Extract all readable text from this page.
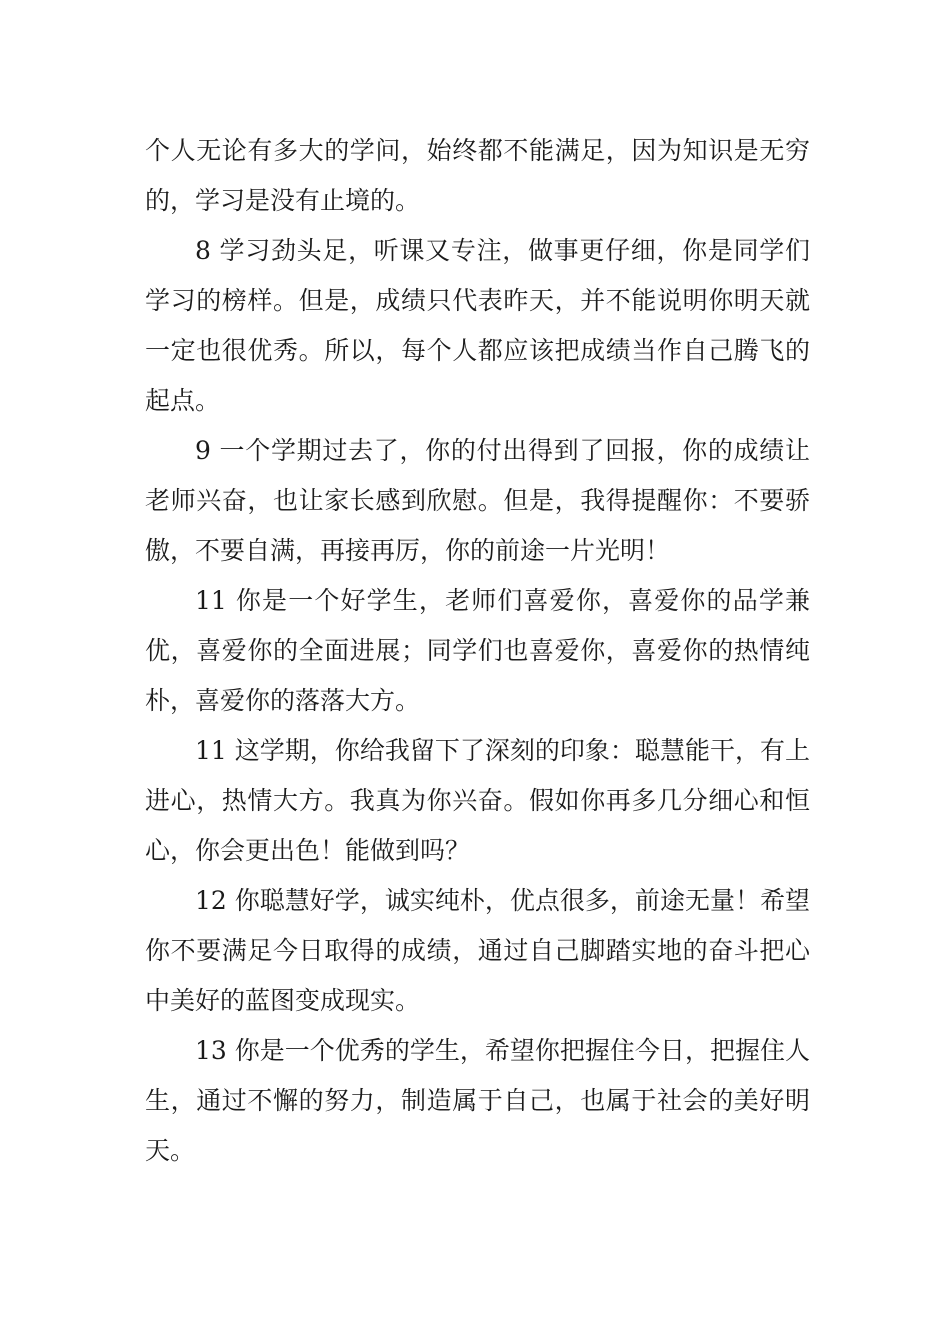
个人无论有多大的学问，始终都不能满足，因为知识是无穷的，学习是没有止境的。

8 学习劲头足，听课又专注，做事更仔细，你是同学们学习的榜样。但是，成绩只代表昨天，并不能说明你明天就一定也很优秀。所以，每个人都应该把成绩当作自己腾飞的起点。

9 一个学期过去了，你的付出得到了回报，你的成绩让老师兴奋，也让家长感到欣慰。但是，我得提醒你：不要骄傲，不要自满，再接再厉，你的前途一片光明！

11 你是一个好学生，老师们喜爱你，喜爱你的品学兼优，喜爱你的全面进展；同学们也喜爱你，喜爱你的热情纯朴，喜爱你的落落大方。

11 这学期，你给我留下了深刻的印象：聪慧能干，有上进心，热情大方。我真为你兴奋。假如你再多几分细心和恒心，你会更出色！能做到吗？

12 你聪慧好学，诚实纯朴，优点很多，前途无量！希望你不要满足今日取得的成绩，通过自己脚踏实地的奋斗把心中美好的蓝图变成现实。

13 你是一个优秀的学生，希望你把握住今日，把握住人生，通过不懈的努力，制造属于自己，也属于社会的美好明天。
